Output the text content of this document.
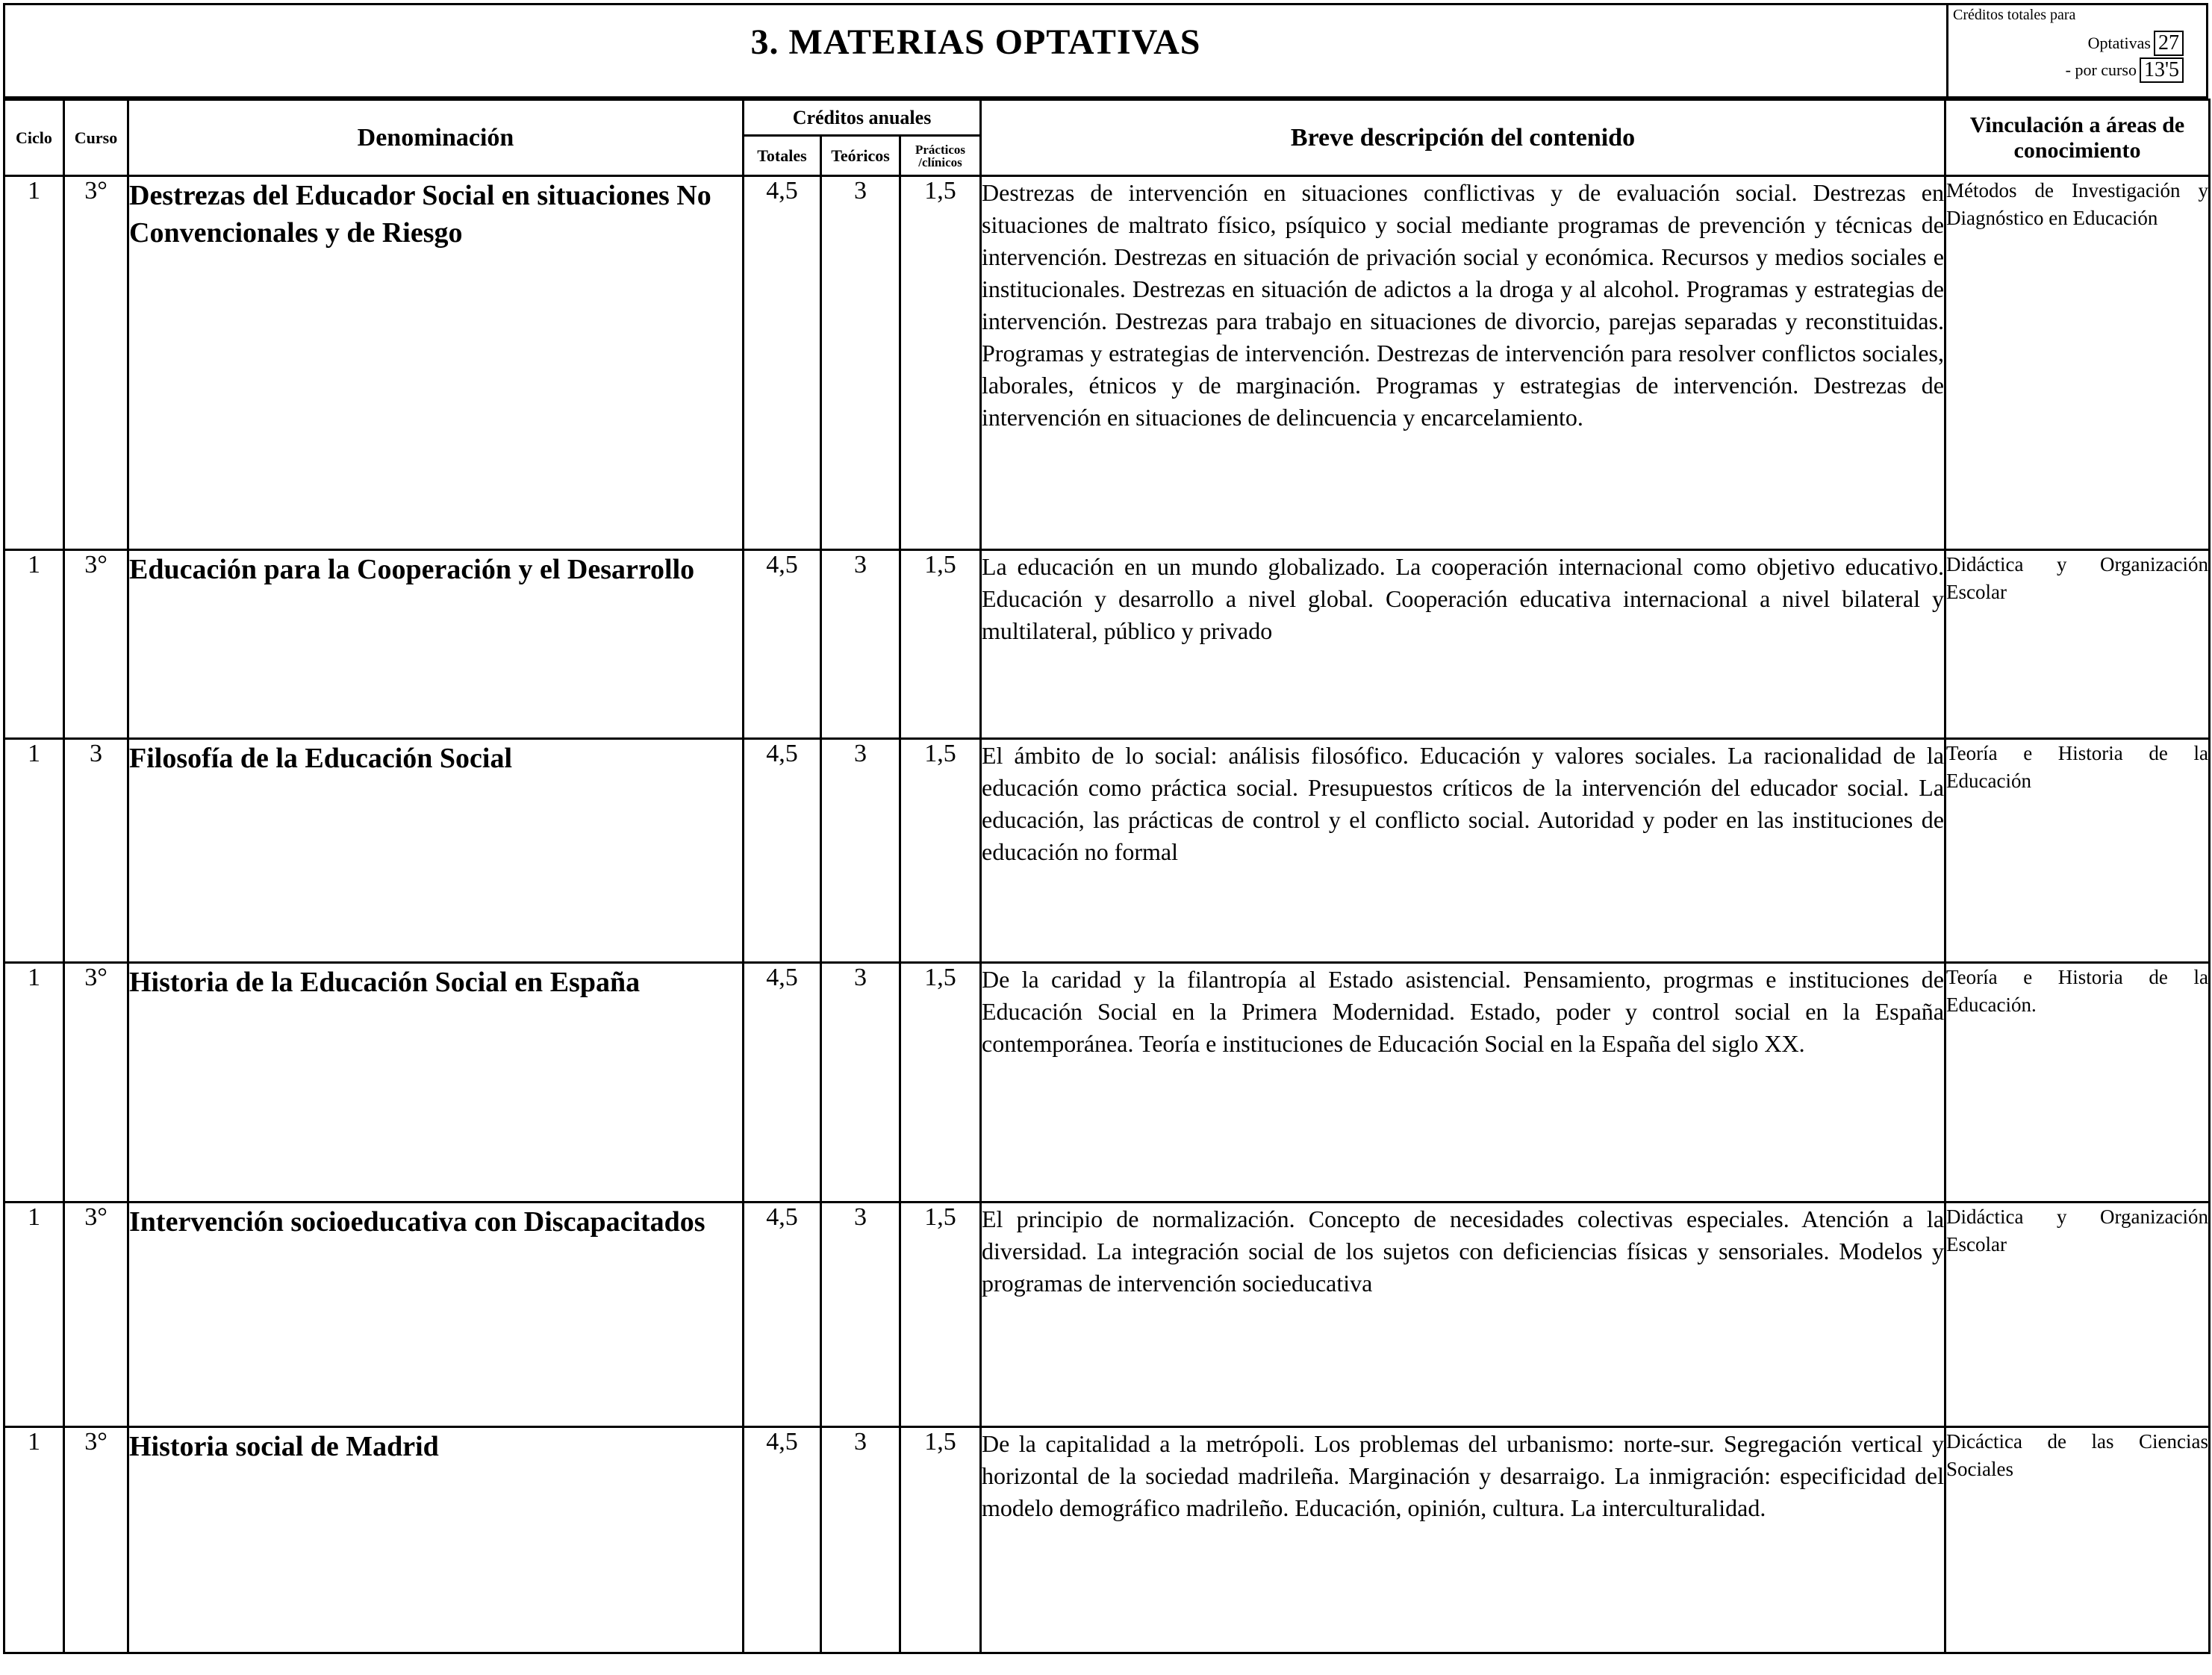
3. MATERIAS OPTATIVAS
Créditos totales para
Optativas 27
- por curso 13'5
Ciclo	Curso	Denominación	Créditos anuales			Breve descripción del contenido	Vinculación a áreas de conocimiento
			Totales	Teóricos	Prácticos /clínicos		
1	3°	Destrezas del Educador Social en situaciones No Convencionales y de Riesgo	4,5	3	1,5	Destrezas de intervención en situaciones conflictivas y de evaluación social. Destrezas en situaciones de maltrato físico, psíquico y social mediante programas de prevención y técnicas de intervención. Destrezas en situación de privación social y económica. Recursos y medios sociales e institucionales. Destrezas en situación de adictos a la droga y al alcohol. Programas y estrategias de intervención. Destrezas para trabajo en situaciones de divorcio, parejas separadas y reconstituidas. Programas y estrategias de intervención. Destrezas de intervención para resolver conflictos sociales, laborales, étnicos y de marginación. Programas y estrategias de intervención. Destrezas de intervención en situaciones de delincuencia y encarcelamiento.	Métodos de Investigación y Diagnóstico en Educación
1	3°	Educación para la Cooperación y el Desarrollo	4,5	3	1,5	La educación en un mundo globalizado. La cooperación internacional como objetivo educativo. Educación y desarrollo a nivel global. Cooperación educativa internacional a nivel bilateral y multilateral, público y privado	Didáctica y Organización Escolar
1	3	Filosofía de la Educación Social	4,5	3	1,5	El ámbito de lo social: análisis filosófico. Educación y valores sociales. La racionalidad de la educación como práctica social. Presupuestos críticos de la intervención del educador social. La educación, las prácticas de control y el conflicto social. Autoridad y poder en las instituciones de educación no formal	Teoría e Historia de la Educación
1	3°	Historia de la Educación Social en España	4,5	3	1,5	De la caridad y la filantropía al Estado asistencial. Pensamiento, progrmas e instituciones de Educación Social en la Primera Modernidad. Estado, poder y control social en la España contemporánea. Teoría e instituciones de Educación Social en la España del siglo XX.	Teoría e Historia de la Educación.
1	3°	Intervención socioeducativa con Discapacitados	4,5	3	1,5	El principio de normalización. Concepto de necesidades colectivas especiales. Atención a la diversidad. La integración social de los sujetos con deficiencias físicas y sensoriales. Modelos y programas de intervención socieducativa	Didáctica y Organización Escolar
1	3°	Historia social de Madrid	4,5	3	1,5	De la capitalidad a la metrópoli. Los problemas del urbanismo: norte-sur. Segregación vertical y horizontal de la sociedad madrileña. Marginación y desarraigo. La inmigración: especificidad del modelo demográfico madrileño. Educación, opinión, cultura. La interculturalidad.	Dicáctica de las Ciencias Sociales
